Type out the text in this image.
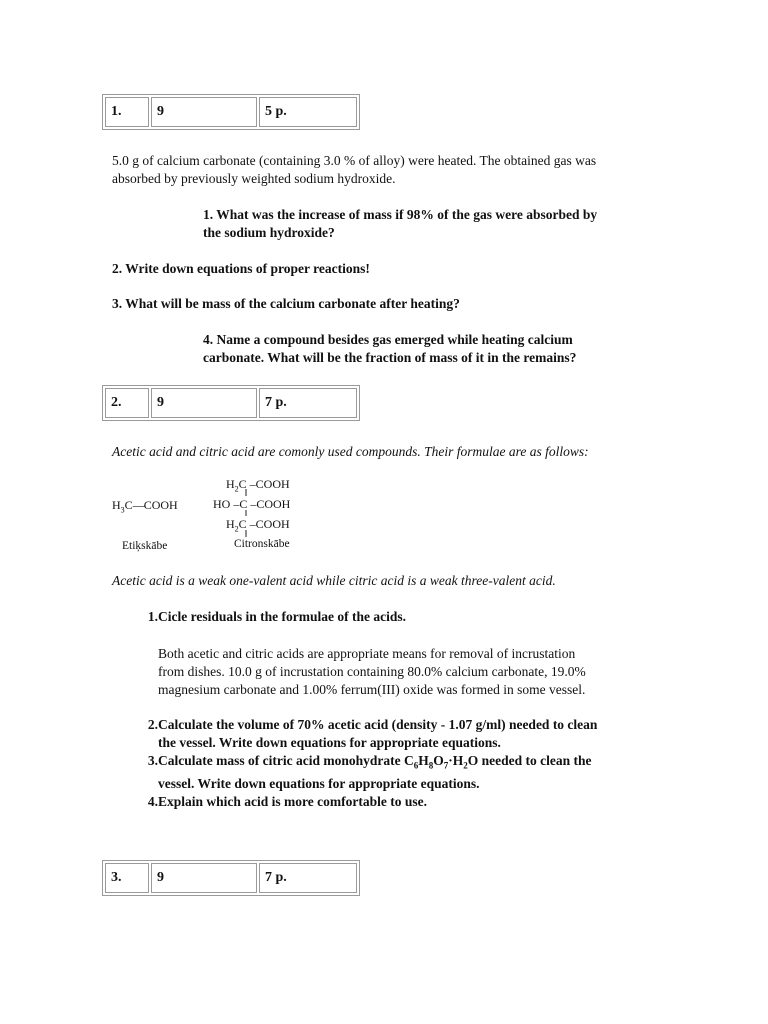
1.	9	5 p.
5.0 g of calcium carbonate (containing 3.0 % of alloy) were heated. The obtained gas was
absorbed by previously weighted sodium hydroxide.
1. What was the increase of mass if 98% of the gas were absorbed by
the sodium hydroxide?
2. Write down equations of proper reactions!
3. What will be mass of the calcium carbonate after heating?
4. Name a compound besides gas emerged while heating calcium
carbonate. What will be the fraction of mass of it in the remains?
2.	9	7 p.
Acetic acid and citric acid are comonly used compounds. Their formulae are as follows:
$H_3C—COOH$
$H_2C$ –COOH
HO –C –COOH
$H_2C$ –COOH
Etiķskābe	Citronskābe
Acetic acid is a weak one-valent acid while citric acid is a weak three-valent acid.
1. Cicle residuals in the formulae of the acids.
Both acetic and citric acids are appropriate means for removal of incrustation
from dishes. 10.0 g of incrustation containing 80.0% calcium carbonate, 19.0%
magnesium carbonate and 1.00% ferrum(III) oxide was formed in some vessel.
2. Calculate the volume of 70% acetic acid (density - 1.07 g/ml) needed to clean
the vessel. Write down equations for appropriate equations.
3. Calculate mass of citric acid monohydrate $C_6H_8O_7\cdot H_2O$ needed to clean the
vessel. Write down equations for appropriate equations.
4. Explain which acid is more comfortable to use.
3.	9	7 p.
